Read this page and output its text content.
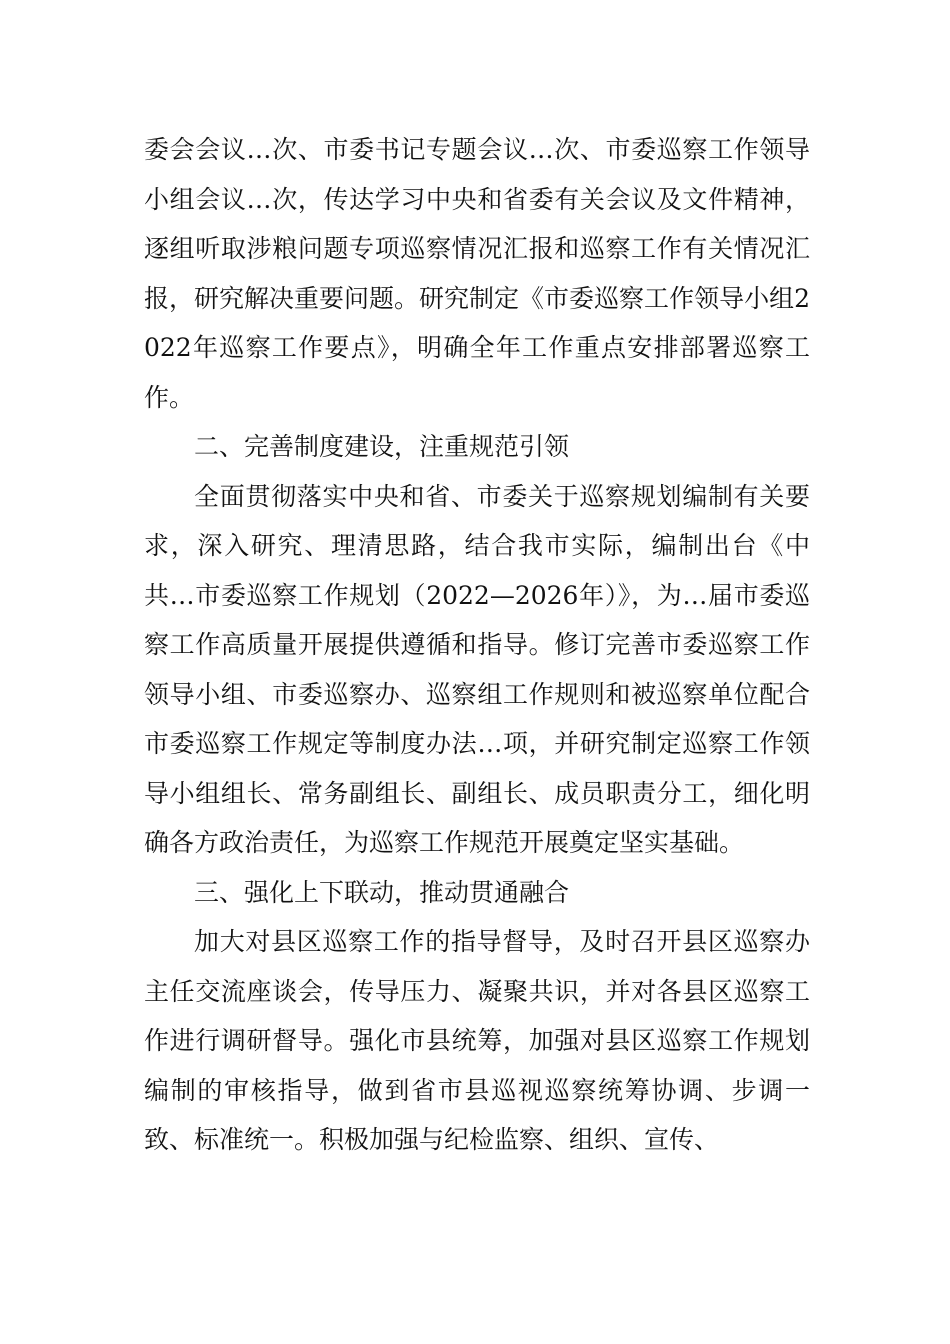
委会会议…次、市委书记专题会议…次、市委巡察工作领导小组会议…次，传达学习中央和省委有关会议及文件精神，逐组听取涉粮问题专项巡察情况汇报和巡察工作有关情况汇报，研究解决重要问题。研究制定《市委巡察工作领导小组2022年巡察工作要点》，明确全年工作重点安排部署巡察工作。

二、完善制度建设，注重规范引领

全面贯彻落实中央和省、市委关于巡察规划编制有关要求，深入研究、理清思路，结合我市实际，编制出台《中共…市委巡察工作规划（2022—2026年）》，为…届市委巡察工作高质量开展提供遵循和指导。修订完善市委巡察工作领导小组、市委巡察办、巡察组工作规则和被巡察单位配合市委巡察工作规定等制度办法…项，并研究制定巡察工作领导小组组长、常务副组长、副组长、成员职责分工，细化明确各方政治责任，为巡察工作规范开展奠定坚实基础。

三、强化上下联动，推动贯通融合

加大对县区巡察工作的指导督导，及时召开县区巡察办主任交流座谈会，传导压力、凝聚共识，并对各县区巡察工作进行调研督导。强化市县统筹，加强对县区巡察工作规划编制的审核指导，做到省市县巡视巡察统筹协调、步调一致、标准统一。积极加强与纪检监察、组织、宣传、
